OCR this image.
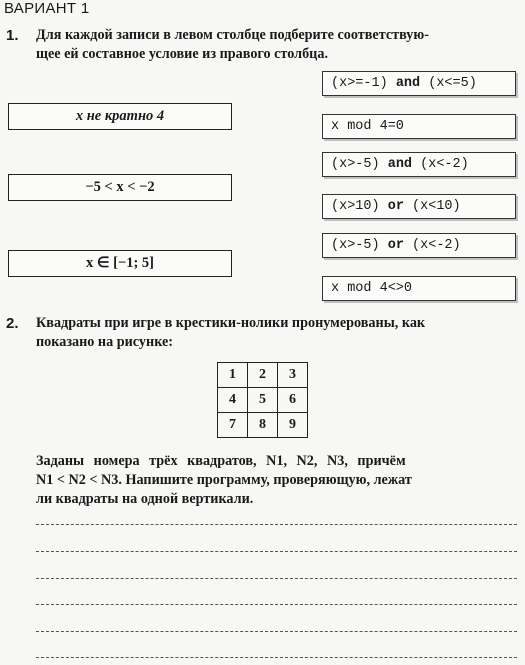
ВАРИАНТ 1
1. Для каждой записи в левом столбце подберите соответствую-
щее ей составное условие из правого столбца.
x не кратно 4
−5 < x < −2
x ∈ [−1; 5]
(x>=-1) and (x<=5)
x mod 4=0
(x>-5) and (x<-2)
(x>10) or (x<10)
(x>-5) or (x<-2)
x mod 4<>0
2. Квадраты при игре в крестики-нолики пронумерованы, как
показано на рисунке:
1	2	3
4	5	6
7	8	9
Заданы номера трёх квадратов, N1, N2, N3, причём
N1 < N2 < N3. Напишите программу, проверяющую, лежат
ли квадраты на одной вертикали.
